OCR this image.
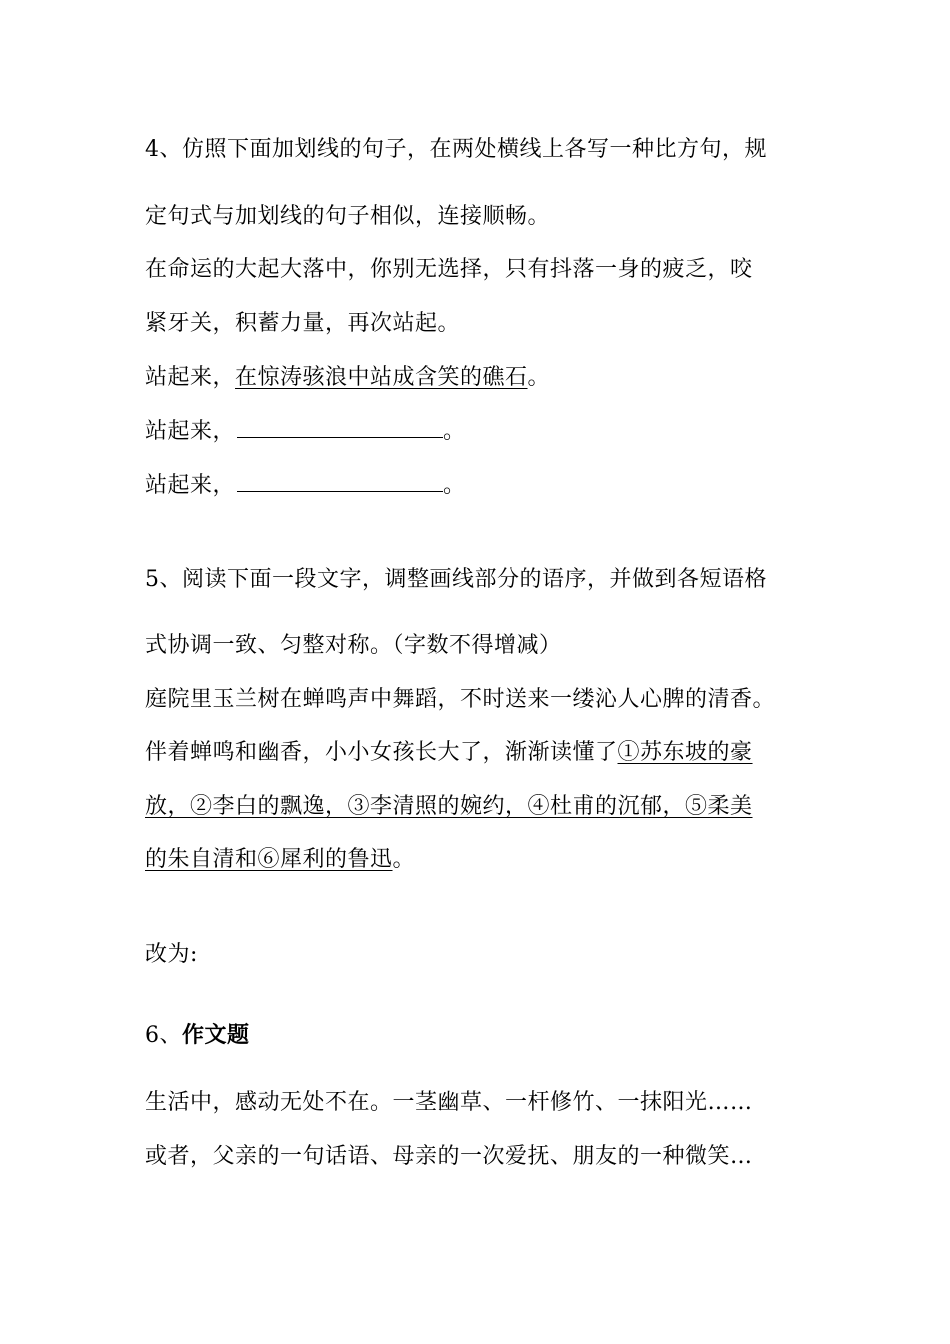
4、仿照下面加划线的句子，在两处横线上各写一种比方句，规
定句式与加划线的句子相似，连接顺畅。
在命运的大起大落中，你别无选择，只有抖落一身的疲乏，咬
紧牙关，积蓄力量，再次站起。
站起来，在惊涛骇浪中站成含笑的礁石。
站起来，	。
站起来，	。
5、阅读下面一段文字，调整画线部分的语序，并做到各短语格
式协调一致、匀整对称。（字数不得增减）
庭院里玉兰树在蝉鸣声中舞蹈，不时送来一缕沁人心脾的清香。
伴着蝉鸣和幽香，小小女孩长大了，渐渐读懂了①苏东坡的豪
放，②李白的飘逸，③李清照的婉约，④杜甫的沉郁，⑤柔美
的朱自清和⑥犀利的鲁迅。
改为:
6、作文题
生活中，感动无处不在。一茎幽草、一杆修竹、一抹阳光……
或者，父亲的一句话语、母亲的一次爱抚、朋友的一种微笑…
